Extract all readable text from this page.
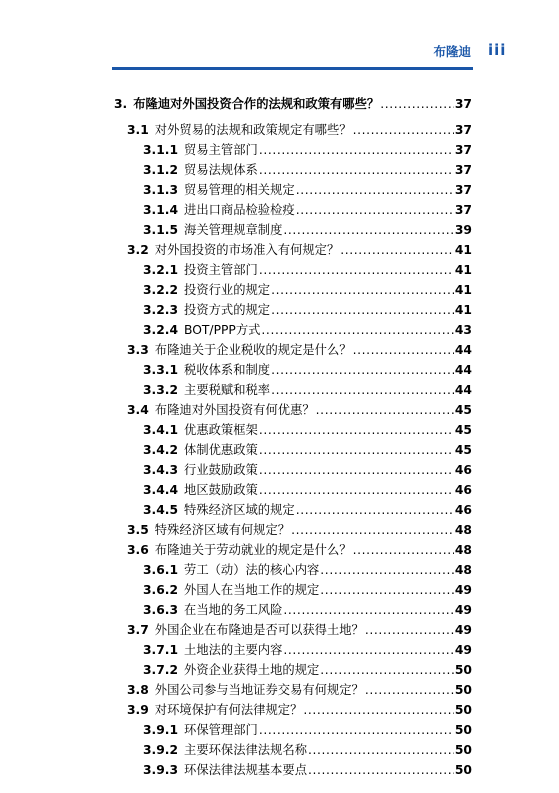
布隆迪 iii
3. 布隆迪对外国投资合作的法规和政策有哪些？ .....	37
3.1 对外贸易的法规和政策规定有哪些？ .....	37
3.1.1 贸易主管部门 .....	37
3.1.2 贸易法规体系 .....	37
3.1.3 贸易管理的相关规定 .....	37
3.1.4 进出口商品检验检疫 .....	37
3.1.5 海关管理规章制度 .....	39
3.2 对外国投资的市场准入有何规定？ .....	41
3.2.1 投资主管部门 .....	41
3.2.2 投资行业的规定 .....	41
3.2.3 投资方式的规定 .....	41
3.2.4 BOT/PPP方式 .....	43
3.3 布隆迪关于企业税收的规定是什么？ .....	44
3.3.1 税收体系和制度 .....	44
3.3.2 主要税赋和税率 .....	44
3.4 布隆迪对外国投资有何优惠？ .....	45
3.4.1 优惠政策框架 .....	45
3.4.2 体制优惠政策 .....	45
3.4.3 行业鼓励政策 .....	46
3.4.4 地区鼓励政策 .....	46
3.4.5 特殊经济区域的规定 .....	46
3.5 特殊经济区域有何规定？ .....	48
3.6 布隆迪关于劳动就业的规定是什么？ .....	48
3.6.1 劳工（动）法的核心内容 .....	48
3.6.2 外国人在当地工作的规定 .....	49
3.6.3 在当地的务工风险 .....	49
3.7 外国企业在布隆迪是否可以获得土地？ .....	49
3.7.1 土地法的主要内容 .....	49
3.7.2 外资企业获得土地的规定 .....	50
3.8 外国公司参与当地证券交易有何规定？ .....	50
3.9 对环境保护有何法律规定？ .....	50
3.9.1 环保管理部门 .....	50
3.9.2 主要环保法律法规名称 .....	50
3.9.3 环保法律法规基本要点 .....	50
